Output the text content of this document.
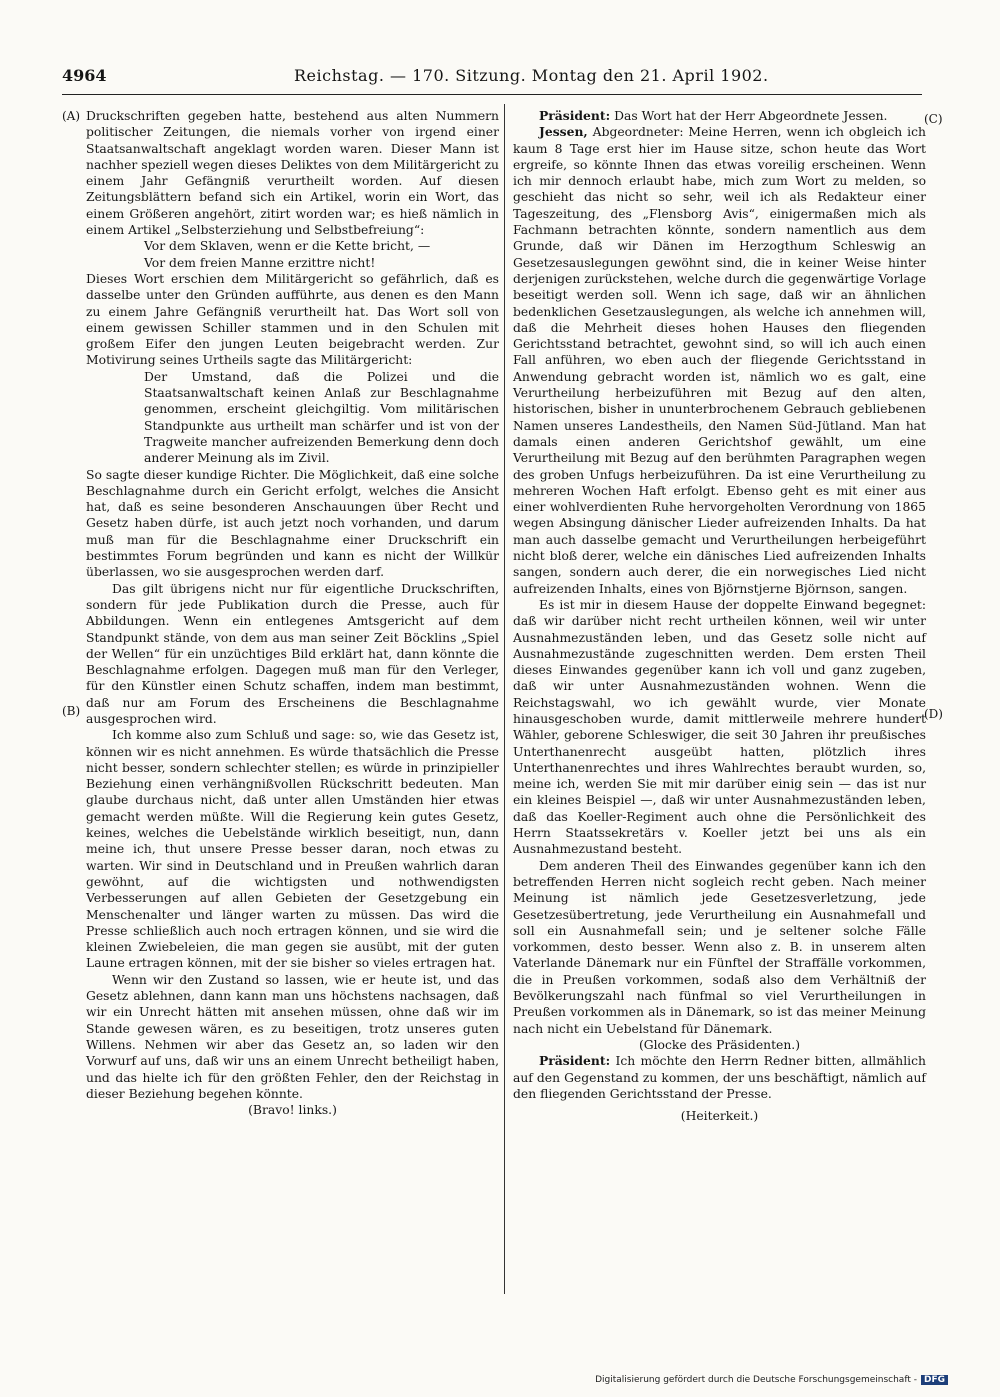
4964	Reichstag. — 170. Sitzung. Montag den 21. April 1902.
(A)
(B)
(C)
(D)

Druckschriften gegeben hatte, bestehend aus alten Nummern politischer Zeitungen, die niemals vorher von irgend einer Staatsanwaltschaft angeklagt worden waren. Dieser Mann ist nachher speziell wegen dieses Deliktes von dem Militärgericht zu einem Jahr Gefängniß verurtheilt worden. Auf diesen Zeitungsblättern befand sich ein Artikel, worin ein Wort, das einem Größeren angehört, zitirt worden war; es hieß nämlich in einem Artikel „Selbsterziehung und Selbstbefreiung“:

Vor dem Sklaven, wenn er die Kette bricht, —

Vor dem freien Manne erzittre nicht!

Dieses Wort erschien dem Militärgericht so gefährlich, daß es dasselbe unter den Gründen aufführte, aus denen es den Mann zu einem Jahre Gefängniß verurtheilt hat. Das Wort soll von einem gewissen Schiller stammen und in den Schulen mit großem Eifer den jungen Leuten beigebracht werden. Zur Motivirung seines Urtheils sagte das Militärgericht:

Der Umstand, daß die Polizei und die Staatsanwaltschaft keinen Anlaß zur Beschlagnahme genommen, erscheint gleichgiltig. Vom militärischen Standpunkte aus urtheilt man schärfer und ist von der Tragweite mancher aufreizenden Bemerkung denn doch anderer Meinung als im Zivil.

So sagte dieser kundige Richter. Die Möglichkeit, daß eine solche Beschlagnahme durch ein Gericht erfolgt, welches die Ansicht hat, daß es seine besonderen Anschauungen über Recht und Gesetz haben dürfe, ist auch jetzt noch vorhanden, und darum muß man für die Beschlagnahme einer Druckschrift ein bestimmtes Forum begründen und kann es nicht der Willkür überlassen, wo sie ausgesprochen werden darf.

Das gilt übrigens nicht nur für eigentliche Druckschriften, sondern für jede Publikation durch die Presse, auch für Abbildungen. Wenn ein entlegenes Amtsgericht auf dem Standpunkt stände, von dem aus man seiner Zeit Böcklins „Spiel der Wellen“ für ein unzüchtiges Bild erklärt hat, dann könnte die Beschlagnahme erfolgen. Dagegen muß man für den Verleger, für den Künstler einen Schutz schaffen, indem man bestimmt, daß nur am Forum des Erscheinens die Beschlagnahme ausgesprochen wird.

Ich komme also zum Schluß und sage: so, wie das Gesetz ist, können wir es nicht annehmen. Es würde thatsächlich die Presse nicht besser, sondern schlechter stellen; es würde in prinzipieller Beziehung einen verhängnißvollen Rückschritt bedeuten. Man glaube durchaus nicht, daß unter allen Umständen hier etwas gemacht werden müßte. Will die Regierung kein gutes Gesetz, keines, welches die Uebelstände wirklich beseitigt, nun, dann meine ich, thut unsere Presse besser daran, noch etwas zu warten. Wir sind in Deutschland und in Preußen wahrlich daran gewöhnt, auf die wichtigsten und nothwendigsten Verbesserungen auf allen Gebieten der Gesetzgebung ein Menschenalter und länger warten zu müssen. Das wird die Presse schließlich auch noch ertragen können, und sie wird die kleinen Zwiebeleien, die man gegen sie ausübt, mit der guten Laune ertragen können, mit der sie bisher so vieles ertragen hat.

Wenn wir den Zustand so lassen, wie er heute ist, und das Gesetz ablehnen, dann kann man uns höchstens nachsagen, daß wir ein Unrecht hätten mit ansehen müssen, ohne daß wir im Stande gewesen wären, es zu beseitigen, trotz unseres guten Willens. Nehmen wir aber das Gesetz an, so laden wir den Vorwurf auf uns, daß wir uns an einem Unrecht betheiligt haben, und das hielte ich für den größten Fehler, den der Reichstag in dieser Beziehung begehen könnte.

(Bravo! links.)

Präsident: Das Wort hat der Herr Abgeordnete Jessen.

Jessen, Abgeordneter: Meine Herren, wenn ich obgleich ich kaum 8 Tage erst hier im Hause sitze, schon heute das Wort ergreife, so könnte Ihnen das etwas voreilig erscheinen. Wenn ich mir dennoch erlaubt habe, mich zum Wort zu melden, so geschieht das nicht so sehr, weil ich als Redakteur einer Tageszeitung, des „Flensborg Avis“, einigermaßen mich als Fachmann betrachten könnte, sondern namentlich aus dem Grunde, daß wir Dänen im Herzogthum Schleswig an Gesetzesauslegungen gewöhnt sind, die in keiner Weise hinter derjenigen zurückstehen, welche durch die gegenwärtige Vorlage beseitigt werden soll. Wenn ich sage, daß wir an ähnlichen bedenklichen Gesetzauslegungen, als welche ich annehmen will, daß die Mehrheit dieses hohen Hauses den fliegenden Gerichtsstand betrachtet, gewohnt sind, so will ich auch einen Fall anführen, wo eben auch der fliegende Gerichtsstand in Anwendung gebracht worden ist, nämlich wo es galt, eine Verurtheilung herbeizuführen mit Bezug auf den alten, historischen, bisher in ununterbrochenem Gebrauch gebliebenen Namen unseres Landestheils, den Namen Süd-Jütland. Man hat damals einen anderen Gerichtshof gewählt, um eine Verurtheilung mit Bezug auf den berühmten Paragraphen wegen des groben Unfugs herbeizuführen. Da ist eine Verurtheilung zu mehreren Wochen Haft erfolgt. Ebenso geht es mit einer aus einer wohlverdienten Ruhe hervorgeholten Verordnung von 1865 wegen Absingung dänischer Lieder aufreizenden Inhalts. Da hat man auch dasselbe gemacht und Verurtheilungen herbeigeführt nicht bloß derer, welche ein dänisches Lied aufreizenden Inhalts sangen, sondern auch derer, die ein norwegisches Lied nicht aufreizenden Inhalts, eines von Björnstjerne Björnson, sangen.

Es ist mir in diesem Hause der doppelte Einwand begegnet: daß wir darüber nicht recht urtheilen können, weil wir unter Ausnahmezuständen leben, und das Gesetz solle nicht auf Ausnahmezustände zugeschnitten werden. Dem ersten Theil dieses Einwandes gegenüber kann ich voll und ganz zugeben, daß wir unter Ausnahmezuständen wohnen. Wenn die Reichstagswahl, wo ich gewählt wurde, vier Monate hinausgeschoben wurde, damit mittlerweile mehrere hundert Wähler, geborene Schleswiger, die seit 30 Jahren ihr preußisches Unterthanenrecht ausgeübt hatten, plötzlich ihres Unterthanenrechtes und ihres Wahlrechtes beraubt wurden, so, meine ich, werden Sie mit mir darüber einig sein — das ist nur ein kleines Beispiel —, daß wir unter Ausnahmezuständen leben, daß das Koeller-Regiment auch ohne die Persönlichkeit des Herrn Staatssekretärs v. Koeller jetzt bei uns als ein Ausnahmezustand besteht.

Dem anderen Theil des Einwandes gegenüber kann ich den betreffenden Herren nicht sogleich recht geben. Nach meiner Meinung ist nämlich jede Gesetzesverletzung, jede Gesetzesübertretung, jede Verurtheilung ein Ausnahmefall und soll ein Ausnahmefall sein; und je seltener solche Fälle vorkommen, desto besser. Wenn also z. B. in unserem alten Vaterlande Dänemark nur ein Fünftel der Straffälle vorkommen, die in Preußen vorkommen, sodaß also dem Verhältniß der Bevölkerungszahl nach fünfmal so viel Verurtheilungen in Preußen vorkommen als in Dänemark, so ist das meiner Meinung nach nicht ein Uebelstand für Dänemark.

(Glocke des Präsidenten.)

Präsident: Ich möchte den Herrn Redner bitten, allmählich auf den Gegenstand zu kommen, der uns beschäftigt, nämlich auf den fliegenden Gerichtsstand der Presse.

(Heiterkeit.)

Digitalisierung gefördert durch die Deutsche Forschungsgemeinschaft - DFG
